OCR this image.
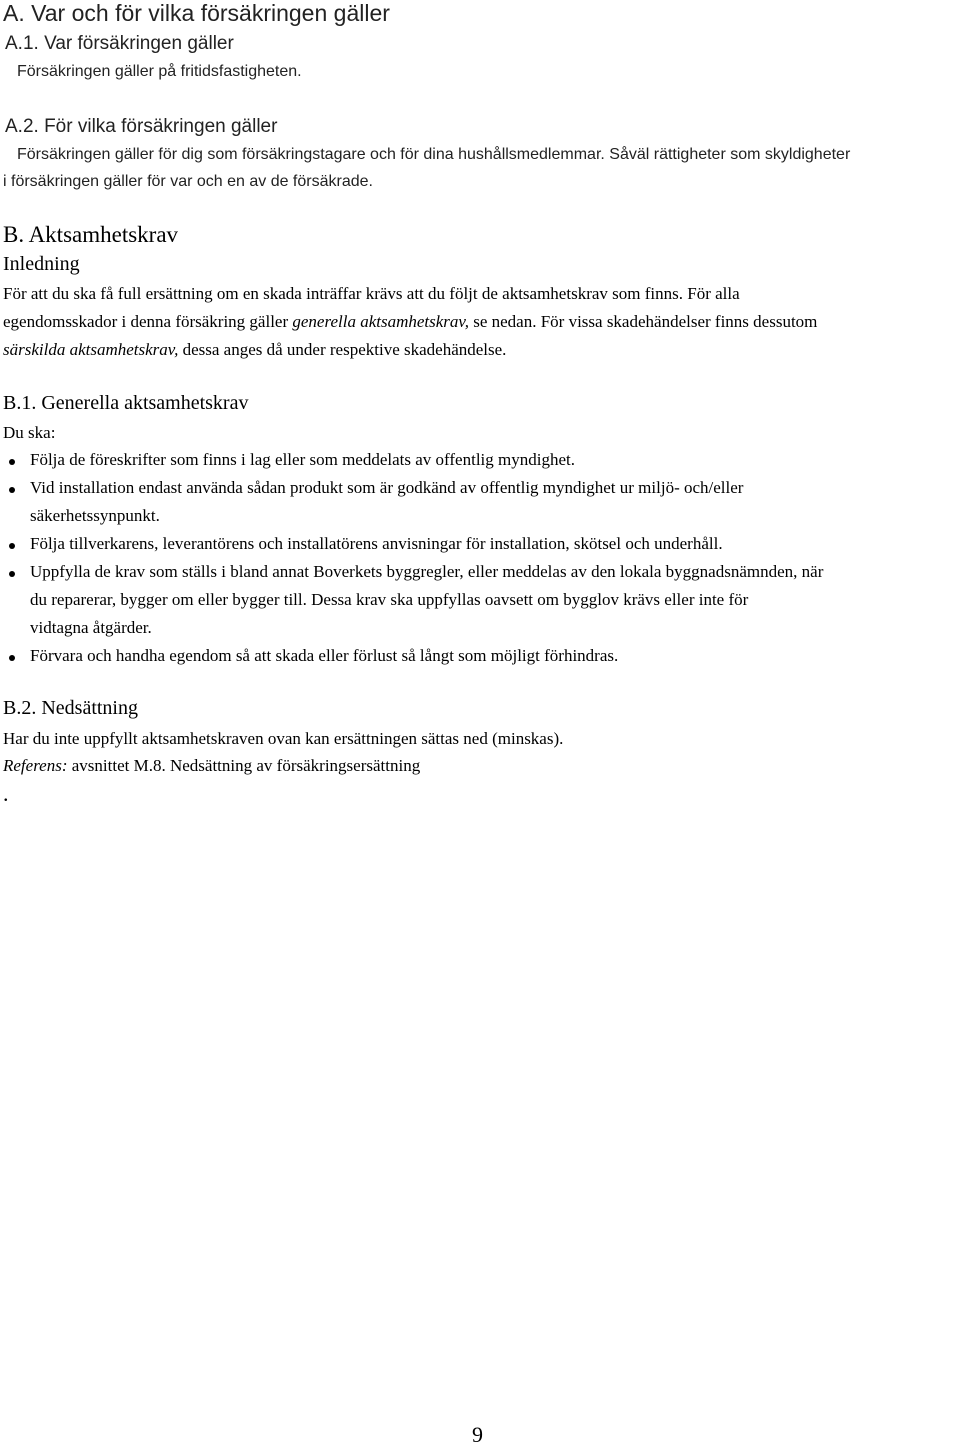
A. Var och för vilka försäkringen gäller
A.1. Var försäkringen gäller
Försäkringen gäller på fritidsfastigheten.
A.2. För vilka försäkringen gäller
Försäkringen gäller för dig som försäkringstagare och för dina hushållsmedlemmar. Såväl rättigheter som skyldigheter
i försäkringen gäller för var och en av de försäkrade.
B. Aktsamhetskrav
Inledning
För att du ska få full ersättning om en skada inträffar krävs att du följt de aktsamhetskrav som finns. För alla
egendomsskador i denna försäkring gäller generella aktsamhetskrav, se nedan. För vissa skadehändelser finns dessutom
särskilda aktsamhetskrav, dessa anges då under respektive skadehändelse.
B.1. Generella aktsamhetskrav
Du ska:
Följa de föreskrifter som finns i lag eller som meddelats av offentlig myndighet.
Vid installation endast använda sådan produkt som är godkänd av offentlig myndighet ur miljö- och/eller
säkerhetssynpunkt.
Följa tillverkarens, leverantörens och installatörens anvisningar för installation, skötsel och underhåll.
Uppfylla de krav som ställs i bland annat Boverkets byggregler, eller meddelas av den lokala byggnadsnämnden, när
du reparerar, bygger om eller bygger till. Dessa krav ska uppfyllas oavsett om bygglov krävs eller inte för
vidtagna åtgärder.
Förvara och handha egendom så att skada eller förlust så långt som möjligt förhindras.
B.2. Nedsättning
Har du inte uppfyllt aktsamhetskraven ovan kan ersättningen sättas ned (minskas).
Referens: avsnittet M.8. Nedsättning av försäkringsersättning
.
9
